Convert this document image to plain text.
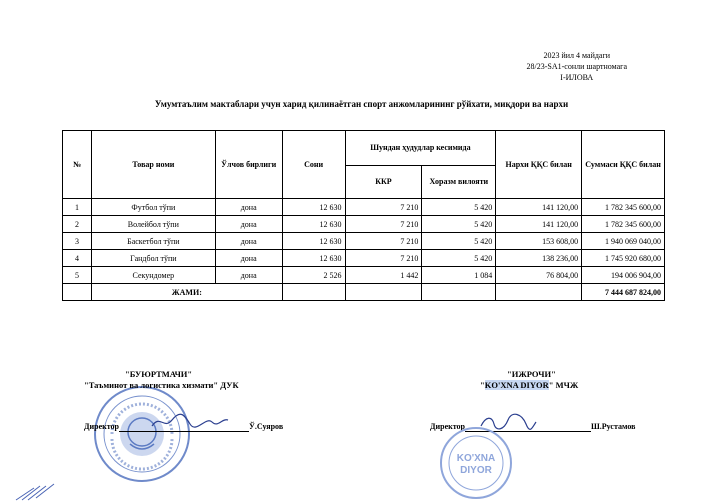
2023 йил 4 майдаги
28/23-SA1-сонли шартномага
I-ИЛОВА
Умумтаълим мактаблари учун харид қилинаётган спорт анжомларининг рўйхати, миқдори ва нархи
№	Товар номи	Ўлчов бирлиги	Сони	Шундан ҳудудлар кесимида		Нархи ҚҚС билан	Суммаси ҚҚС билан
				ККР	Хоразм вилояти		
1	Футбол тўпи	дона	12 630	7 210	5 420	141 120,00	1 782 345 600,00
2	Волейбол тўпи	дона	12 630	7 210	5 420	141 120,00	1 782 345 600,00
3	Баскетбол тўпи	дона	12 630	7 210	5 420	153 608,00	1 940 069 040,00
4	Гандбол тўпи	дона	12 630	7 210	5 420	138 236,00	1 745 920 680,00
5	Секундомер	дона	2 526	1 442	1 084	76 804,00	194 006 904,00
	ЖАМИ:						7 444 687 824,00
"БУЮРТМАЧИ"
"Таъминот ва логистика хизмати" ДУК
Директор	Ў.Суяров
"ИЖРОЧИ"
"KO'XNA DIYOR" МЧЖ
Директор	Ш.Рустамов
KO'XNA
DIYOR
